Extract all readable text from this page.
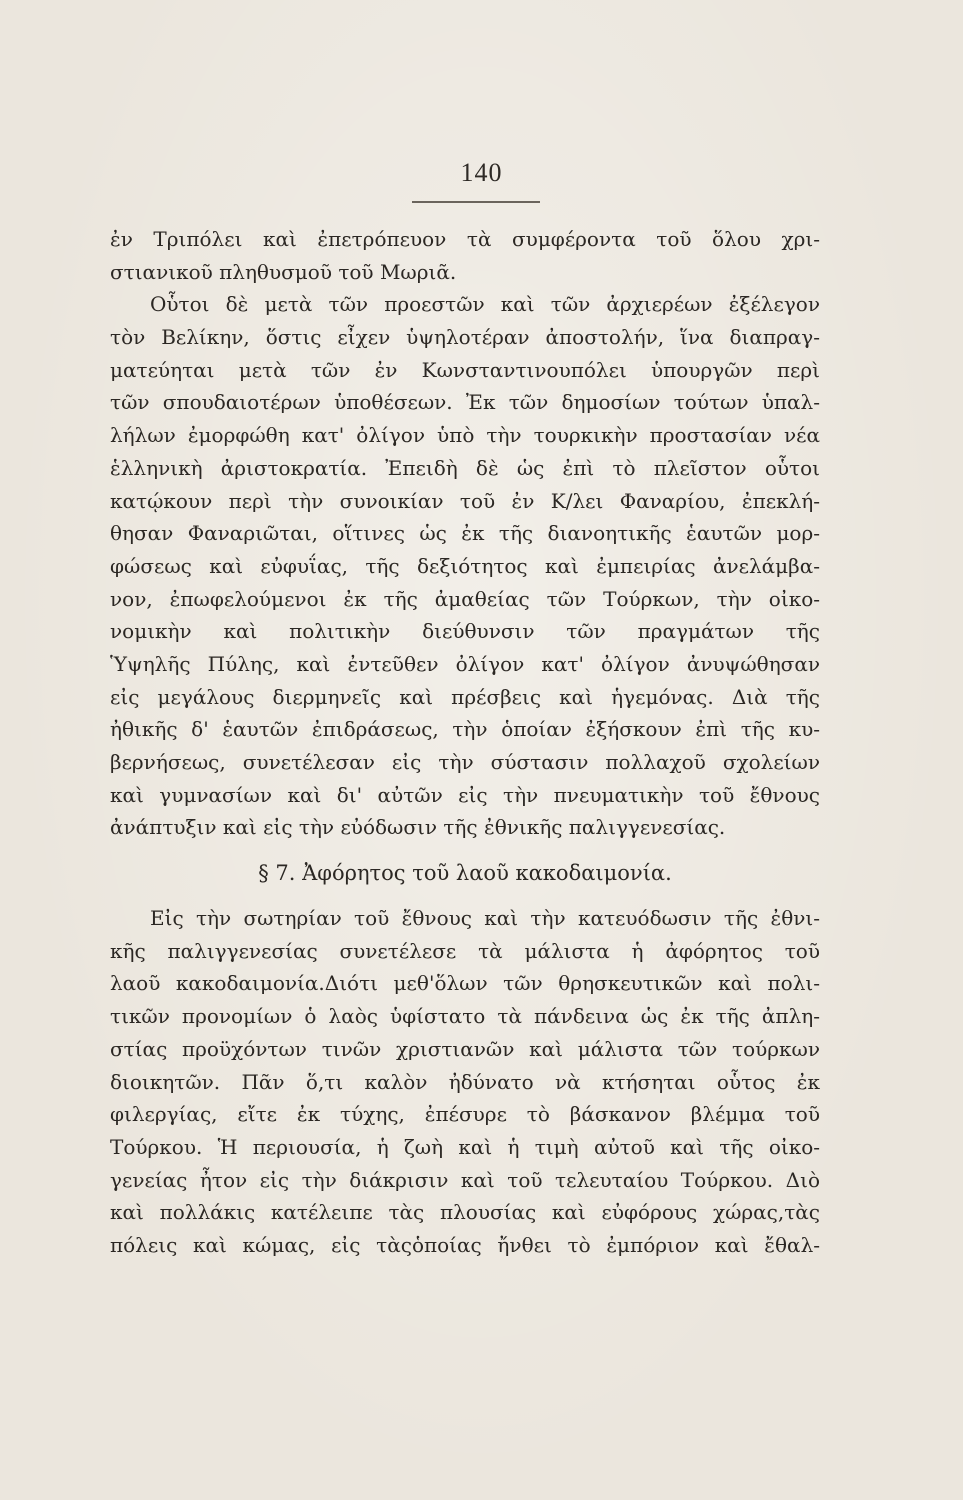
140
ἐν Τριπόλει καὶ ἐπετρόπευον τὰ συμφέροντα τοῦ ὅλου χρι-
στιανικοῦ πληθυσμοῦ τοῦ Μωριᾶ.
Οὗτοι δὲ μετὰ τῶν προεστῶν καὶ τῶν ἀρχιερέων ἐξέλεγον
τὸν Βελίκην, ὅστις εἶχεν ὑψηλοτέραν ἀποστολήν, ἵνα διαπραγ-
ματεύηται μετὰ τῶν ἐν Κωνσταντινουπόλει ὑπουργῶν περὶ
τῶν σπουδαιοτέρων ὑποθέσεων. Ἐκ τῶν δημοσίων τούτων ὑπαλ-
λήλων ἐμορφώθη κατ' ὀλίγον ὑπὸ τὴν τουρκικὴν προστασίαν νέα
ἑλληνικὴ ἀριστοκρατία. Ἐπειδὴ δὲ ὡς ἐπὶ τὸ πλεῖστον οὗτοι
κατῴκουν περὶ τὴν συνοικίαν τοῦ ἐν Κ/λει Φαναρίου, ἐπεκλή-
θησαν Φαναριῶται, οἵτινες ὡς ἐκ τῆς διανοητικῆς ἑαυτῶν μορ-
φώσεως καὶ εὐφυΐας, τῆς δεξιότητος καὶ ἐμπειρίας ἀνελάμβα-
νον, ἐπωφελούμενοι ἐκ τῆς ἀμαθείας τῶν Τούρκων, τὴν οἰκο-
νομικὴν καὶ πολιτικὴν διεύθυνσιν τῶν πραγμάτων τῆς
Ὑψηλῆς Πύλης, καὶ ἐντεῦθεν ὀλίγον κατ' ὀλίγον ἀνυψώθησαν
εἰς μεγάλους διερμηνεῖς καὶ πρέσβεις καὶ ἡγεμόνας. Διὰ τῆς
ἠθικῆς δ' ἑαυτῶν ἐπιδράσεως, τὴν ὁποίαν ἐξήσκουν ἐπὶ τῆς κυ-
βερνήσεως, συνετέλεσαν εἰς τὴν σύστασιν πολλαχοῦ σχολείων
καὶ γυμνασίων καὶ δι' αὐτῶν εἰς τὴν πνευματικὴν τοῦ ἔθνους
ἀνάπτυξιν καὶ εἰς τὴν εὐόδωσιν τῆς ἐθνικῆς παλιγγενεσίας.
§ 7. Ἀφόρητος τοῦ λαοῦ κακοδαιμονία.
Εἰς τὴν σωτηρίαν τοῦ ἔθνους καὶ τὴν κατευόδωσιν τῆς ἐθνι-
κῆς παλιγγενεσίας συνετέλεσε τὰ μάλιστα ἡ ἀφόρητος τοῦ
λαοῦ κακοδαιμονία.Διότι μεθ'ὅλων τῶν θρησκευτικῶν καὶ πολι-
τικῶν προνομίων ὁ λαὸς ὑφίστατο τὰ πάνδεινα ὡς ἐκ τῆς ἀπλη-
στίας προϋχόντων τινῶν χριστιανῶν καὶ μάλιστα τῶν τούρκων
διοικητῶν. Πᾶν ὅ,τι καλὸν ἠδύνατο νὰ κτήσηται οὗτος ἐκ
φιλεργίας, εἴτε ἐκ τύχης, ἐπέσυρε τὸ βάσκανον βλέμμα τοῦ
Τούρκου. Ἡ περιουσία, ἡ ζωὴ καὶ ἡ τιμὴ αὐτοῦ καὶ τῆς οἰκο-
γενείας ἦτον εἰς τὴν διάκρισιν καὶ τοῦ τελευταίου Τούρκου. Διὸ
καὶ πολλάκις κατέλειπε τὰς πλουσίας καὶ εὐφόρους χώρας,τὰς
πόλεις καὶ κώμας, εἰς τὰςὁποίας ἤνθει τὸ ἐμπόριον καὶ ἔθαλ-
